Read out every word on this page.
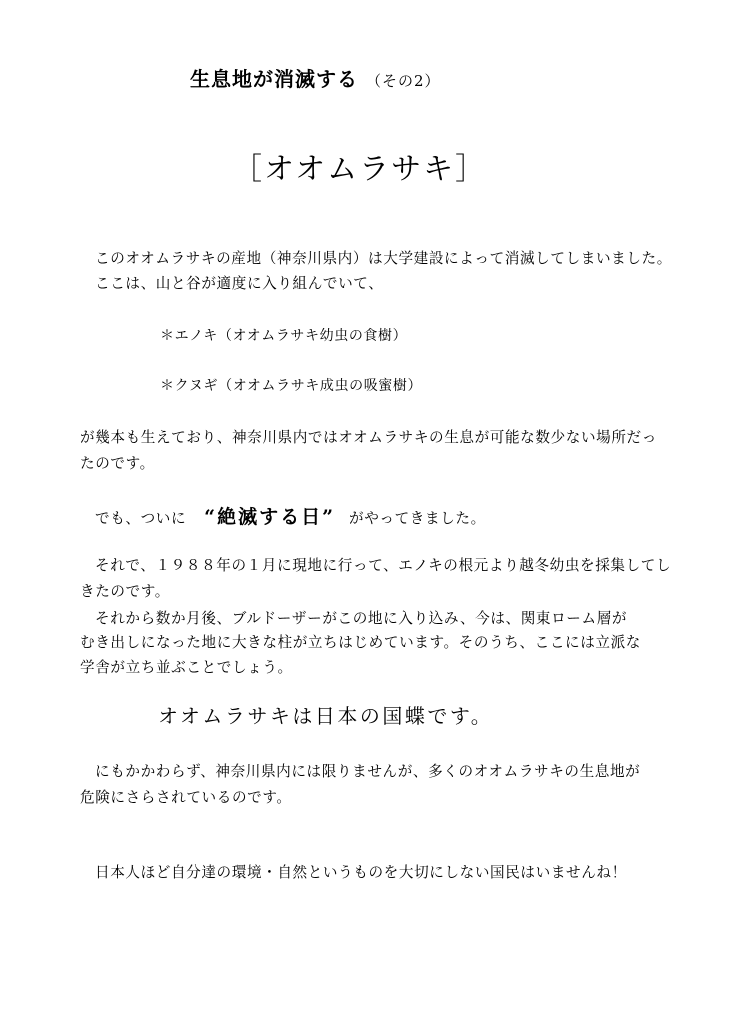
生息地が消滅する （その2）
［オオムラサキ］
このオオムラサキの産地（神奈川県内）は大学建設によって消滅してしまいました。
ここは、山と谷が適度に入り組んでいて、
＊エノキ（オオムラサキ幼虫の食樹）
＊クヌギ（オオムラサキ成虫の吸蜜樹）
が幾本も生えており、神奈川県内ではオオムラサキの生息が可能な数少ない場所だっ
たのです。
でも、ついに “絶滅する日” がやってきました。
それで、１９８８年の１月に現地に行って、エノキの根元より越冬幼虫を採集してし
きたのです。
それから数か月後、ブルドーザーがこの地に入り込み、今は、関東ローム層が
むき出しになった地に大きな柱が立ちはじめています。そのうち、ここには立派な
学舎が立ち並ぶことでしょう。
オオムラサキは日本の国蝶です。
にもかかわらず、神奈川県内には限りませんが、多くのオオムラサキの生息地が
危険にさらされているのです。
日本人ほど自分達の環境・自然というものを大切にしない国民はいませんね！
